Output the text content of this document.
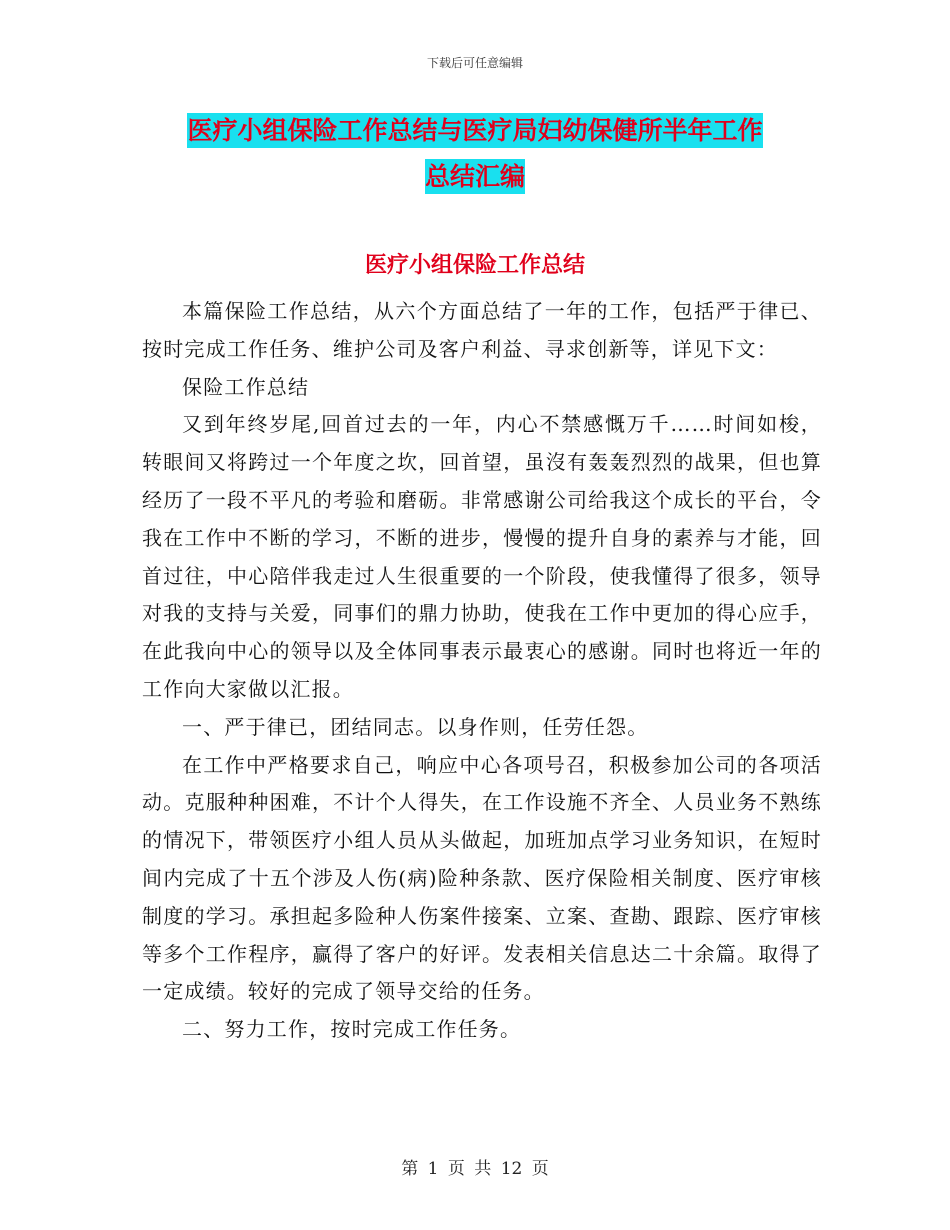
下载后可任意编辑
医疗小组保险工作总结与医疗局妇幼保健所半年工作
总结汇编
医疗小组保险工作总结

本篇保险工作总结，从六个方面总结了一年的工作，包括严于律已、按时完成工作任务、维护公司及客户利益、寻求创新等，详见下文：

保险工作总结

又到年终岁尾,回首过去的一年，内心不禁感慨万千……时间如梭，转眼间又将跨过一个年度之坎，回首望，虽沒有轰轰烈烈的战果，但也算经历了一段不平凡的考验和磨砺。非常感谢公司给我这个成长的平台，令我在工作中不断的学习，不断的进步，慢慢的提升自身的素养与才能，回首过往，中心陪伴我走过人生很重要的一个阶段，使我懂得了很多，领导对我的支持与关爱，同事们的鼎力协助，使我在工作中更加的得心应手，在此我向中心的领导以及全体同事表示最衷心的感谢。同时也将近一年的工作向大家做以汇报。

一、严于律已，团结同志。以身作则，任劳任怨。

在工作中严格要求自己，响应中心各项号召，积极参加公司的各项活动。克服种种困难，不计个人得失，在工作设施不齐全、人员业务不熟练的情况下，带领医疗小组人员从头做起，加班加点学习业务知识，在短时间内完成了十五个涉及人伤(病)险种条款、医疗保险相关制度、医疗审核制度的学习。承担起多险种人伤案件接案、立案、查勘、跟踪、医疗审核等多个工作程序，赢得了客户的好评。发表相关信息达二十余篇。取得了一定成绩。较好的完成了领导交给的任务。

二、努力工作，按时完成工作任务。

第 1 页 共 12 页
